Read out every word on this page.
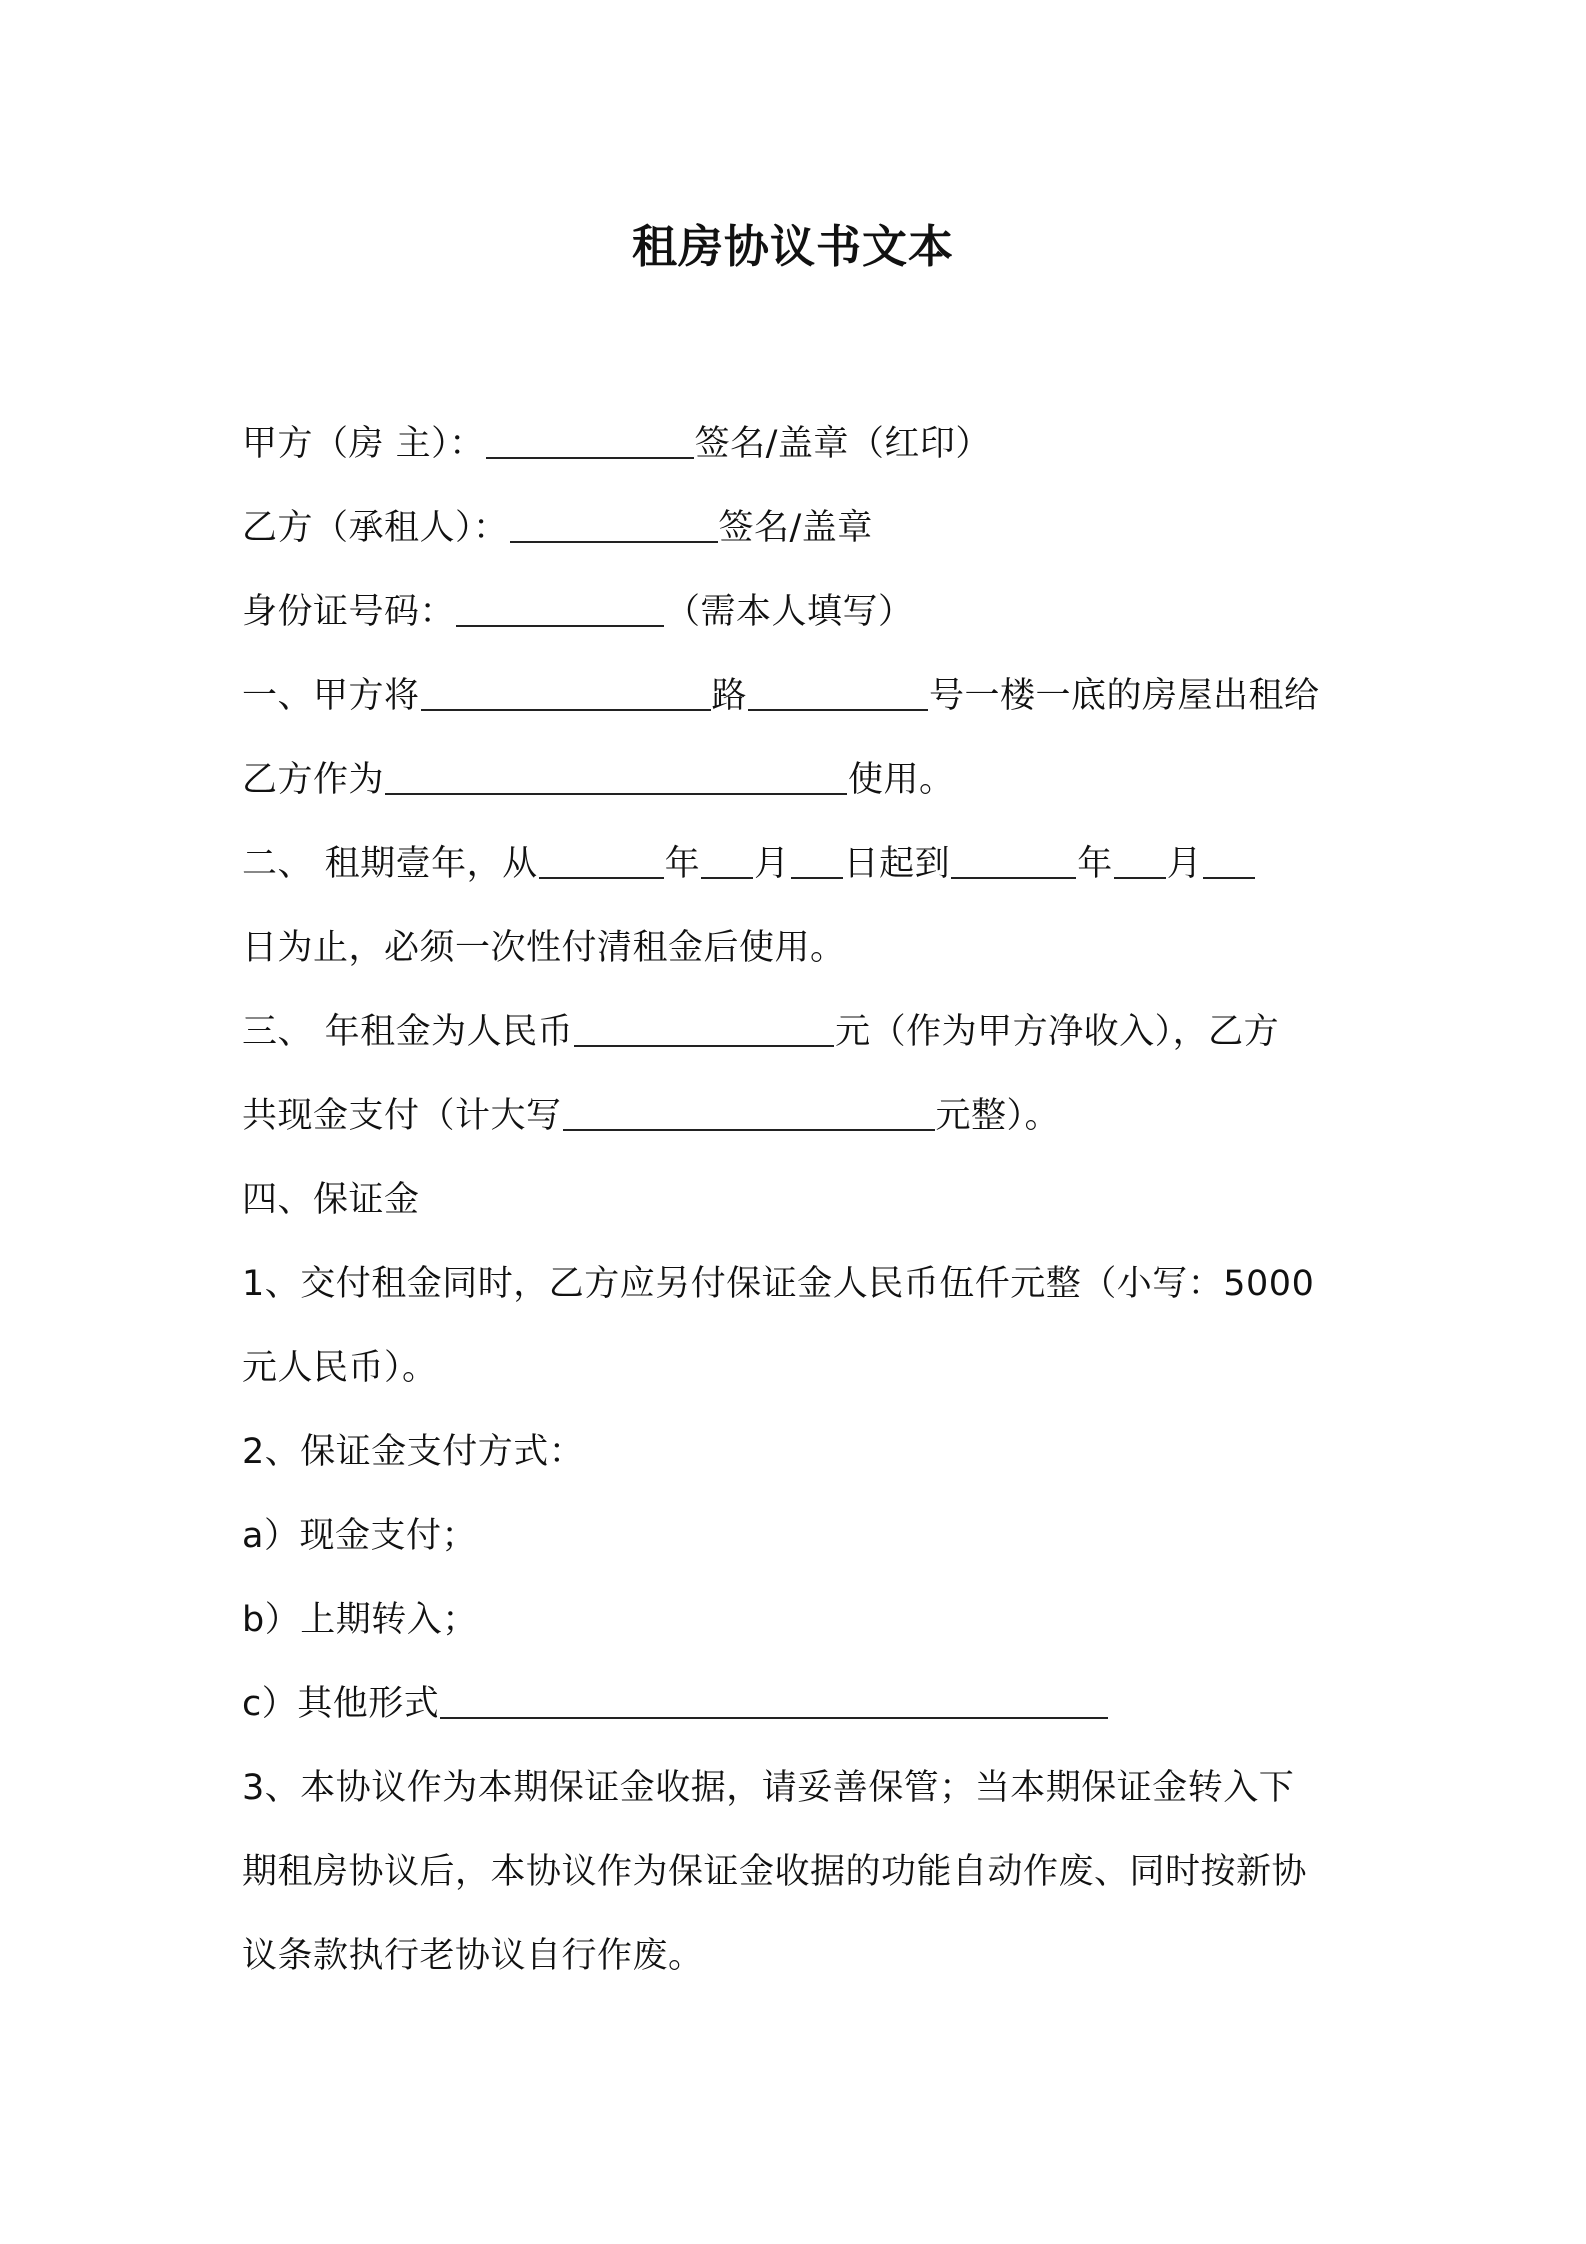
租房协议书文本
甲方（房 主）：	签名/盖章（红印）
乙方（承租人）：	签名/盖章
身份证号码：	（需本人填写）
一、甲方将	路	号一楼一底的房屋出租给
乙方作为	使用。
二、 租期壹年，从	年 月 日起到	年 月
日为止，必须一次性付清租金后使用。
三、 年租金为人民币	元（作为甲方净收入），乙方
共现金支付（计大写	元整）。
四、保证金
1、交付租金同时，乙方应另付保证金人民币伍仟元整（小写：5000
元人民币）。
2、保证金支付方式：
a）现金支付；
b）上期转入；
c）其他形式
3、本协议作为本期保证金收据，请妥善保管；当本期保证金转入下
期租房协议后，本协议作为保证金收据的功能自动作废、同时按新协
议条款执行老协议自行作废。
